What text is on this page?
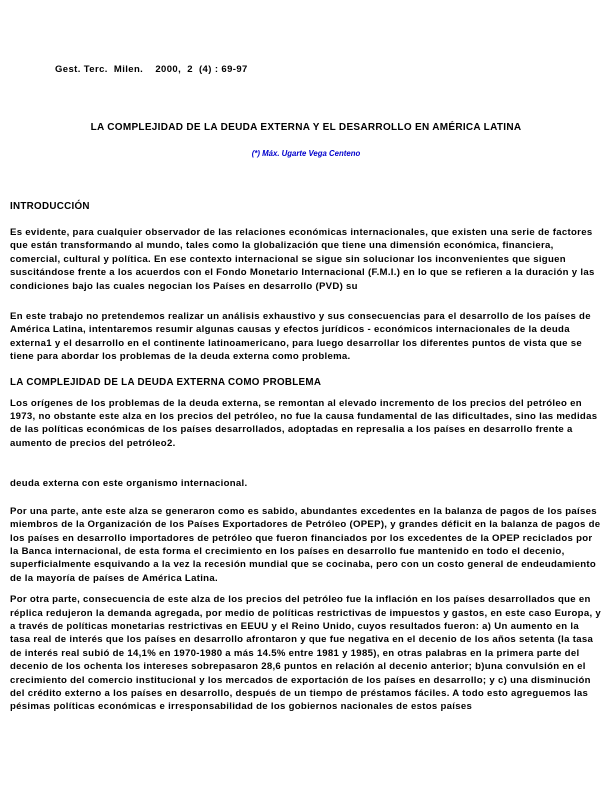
Gest. Terc.  Milen.    2000,  2  (4) : 69-97
LA COMPLEJIDAD DE LA DEUDA EXTERNA Y EL DESARROLLO EN AMÉRICA LATINA
(*) Máx. Ugarte Vega Centeno
INTRODUCCIÓN

Es evidente, para cualquier observador de las relaciones económicas internacionales, que existen una serie de factores que están transformando al mundo, tales como la globalización que tiene una dimensión económica, financiera, comercial, cultural y política. En ese contexto internacional se sigue sin solucionar los inconvenientes que siguen suscitándose frente a los acuerdos con el Fondo Monetario Internacional (F.M.I.) en lo que se refieren a la duración y las condiciones bajo las cuales negocian los Países en desarrollo (PVD) su

En este trabajo no pretendemos realizar un análisis exhaustivo y sus consecuencias para el desarrollo de los países de América Latina, intentaremos resumir algunas causas y efectos jurídicos - económicos internacionales de la deuda externa1 y el desarrollo en el continente latinoamericano, para luego desarrollar los diferentes puntos de vista que se tiene para abordar los problemas de la deuda externa como problema.

LA COMPLEJIDAD DE LA DEUDA EXTERNA COMO PROBLEMA

Los orígenes de los problemas de la deuda externa, se remontan al elevado incremento de los precios del petróleo en 1973, no obstante este alza en los precios del petróleo, no fue la causa fundamental de las dificultades, sino las medidas de las políticas económicas de los países desarrollados, adoptadas en represalia a los países en desarrollo frente a aumento de precios del petróleo2.

deuda externa con este organismo internacional.

Por una parte, ante este alza se generaron como es sabido, abundantes excedentes en la balanza de pagos de los países miembros de la Organización de los Países Exportadores de Petróleo (OPEP), y grandes déficit en la balanza de pagos de los países en desarrollo importadores de petróleo que fueron financiados por los excedentes de la OPEP reciclados por la Banca internacional, de esta forma el crecimiento en los países en desarrollo fue mantenido en todo el decenio, superficialmente esquivando a la vez la recesión mundial que se cocinaba, pero con un costo general de endeudamiento de la mayoría de países de América Latina.

Por otra parte, consecuencia de este alza de los precios del petróleo fue la inflación en los países desarrollados que en réplica redujeron la demanda agregada, por medio de políticas restrictivas de impuestos y gastos, en este caso Europa, y a través de políticas monetarias restrictivas en EEUU y el Reino Unido, cuyos resultados fueron: a) Un aumento en la tasa real de interés que los países en desarrollo afrontaron y que fue negativa en el decenio de los años setenta (la tasa de interés real subió de 14,1% en 1970-1980 a más 14.5% entre 1981 y 1985), en otras palabras en la primera parte del decenio de los ochenta los intereses sobrepasaron 28,6 puntos en relación al decenio anterior; b)una convulsión en el crecimiento del comercio institucional y los mercados de exportación de los países en desarrollo; y c) una disminución del crédito externo a los países en desarrollo, después de un tiempo de préstamos fáciles. A todo esto agreguemos las pésimas políticas económicas e irresponsabilidad de los gobiernos nacionales de estos países
